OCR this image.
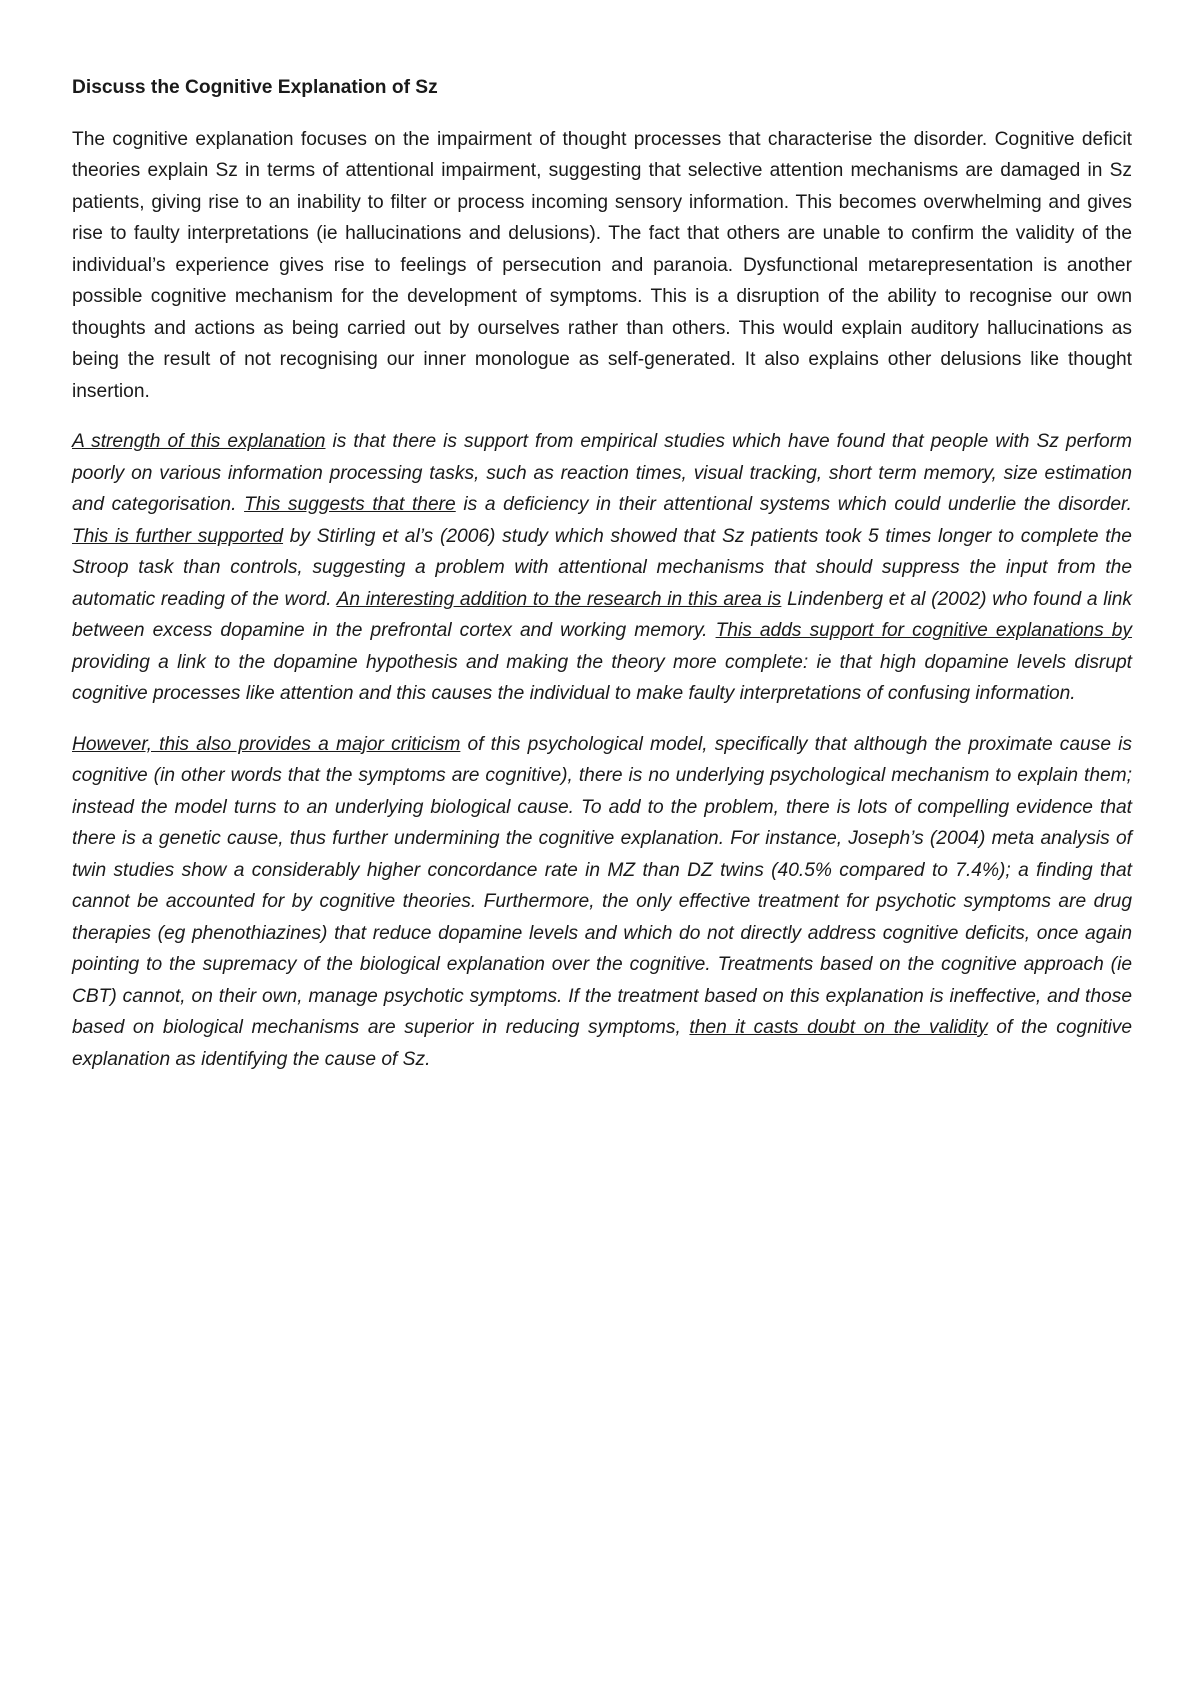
Discuss the Cognitive Explanation of Sz

The cognitive explanation focuses on the impairment of thought processes that characterise the disorder. Cognitive deficit theories explain Sz in terms of attentional impairment, suggesting that selective attention mechanisms are damaged in Sz patients, giving rise to an inability to filter or process incoming sensory information. This becomes overwhelming and gives rise to faulty interpretations (ie hallucinations and delusions). The fact that others are unable to confirm the validity of the individual’s experience gives rise to feelings of persecution and paranoia. Dysfunctional metarepresentation is another possible cognitive mechanism for the development of symptoms. This is a disruption of the ability to recognise our own thoughts and actions as being carried out by ourselves rather than others. This would explain auditory hallucinations as being the result of not recognising our inner monologue as self-generated. It also explains other delusions like thought insertion.

A strength of this explanation is that there is support from empirical studies which have found that people with Sz perform poorly on various information processing tasks, such as reaction times, visual tracking, short term memory, size estimation and categorisation. This suggests that there is a deficiency in their attentional systems which could underlie the disorder. This is further supported by Stirling et al’s (2006) study which showed that Sz patients took 5 times longer to complete the Stroop task than controls, suggesting a problem with attentional mechanisms that should suppress the input from the automatic reading of the word. An interesting addition to the research in this area is Lindenberg et al (2002) who found a link between excess dopamine in the prefrontal cortex and working memory. This adds support for cognitive explanations by providing a link to the dopamine hypothesis and making the theory more complete: ie that high dopamine levels disrupt cognitive processes like attention and this causes the individual to make faulty interpretations of confusing information.

However, this also provides a major criticism of this psychological model, specifically that although the proximate cause is cognitive (in other words that the symptoms are cognitive), there is no underlying psychological mechanism to explain them; instead the model turns to an underlying biological cause. To add to the problem, there is lots of compelling evidence that there is a genetic cause, thus further undermining the cognitive explanation. For instance, Joseph’s (2004) meta analysis of twin studies show a considerably higher concordance rate in MZ than DZ twins (40.5% compared to 7.4%); a finding that cannot be accounted for by cognitive theories. Furthermore, the only effective treatment for psychotic symptoms are drug therapies (eg phenothiazines) that reduce dopamine levels and which do not directly address cognitive deficits, once again pointing to the supremacy of the biological explanation over the cognitive. Treatments based on the cognitive approach (ie CBT) cannot, on their own, manage psychotic symptoms. If the treatment based on this explanation is ineffective, and those based on biological mechanisms are superior in reducing symptoms, then it casts doubt on the validity of the cognitive explanation as identifying the cause of Sz.
